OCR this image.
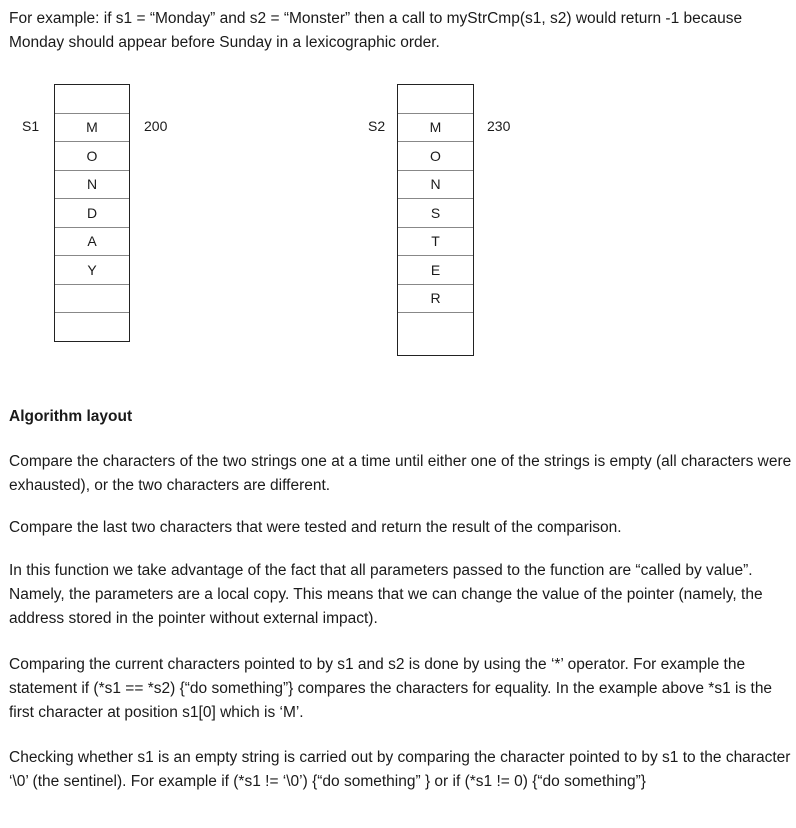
For example: if s1 = “Monday” and s2 = “Monster” then a call to myStrCmp(s1, s2) would return -1 because Monday should appear before Sunday in a lexicographic order.

S1	M
O
N
D
A
Y
200	S2	M
O
N
S
T
E
R
230

Algorithm layout

Compare the characters of the two strings one at a time until either one of the strings is empty (all characters were exhausted), or the two characters are different.

Compare the last two characters that were tested and return the result of the comparison.

In this function we take advantage of the fact that all parameters passed to the function are “called by value”. Namely, the parameters are a local copy. This means that we can change the value of the pointer (namely, the address stored in the pointer without external impact).

Comparing the current characters pointed to by s1 and s2 is done by using the ‘*’ operator. For example the statement if (*s1 == *s2) {“do something”} compares the characters for equality. In the example above *s1 is the first character at position s1[0] which is ‘M’.

Checking whether s1 is an empty string is carried out by comparing the character pointed to by s1 to the character ‘\0’ (the sentinel). For example if (*s1 != ‘\0’) {“do something” } or if (*s1 != 0) {“do something”}
